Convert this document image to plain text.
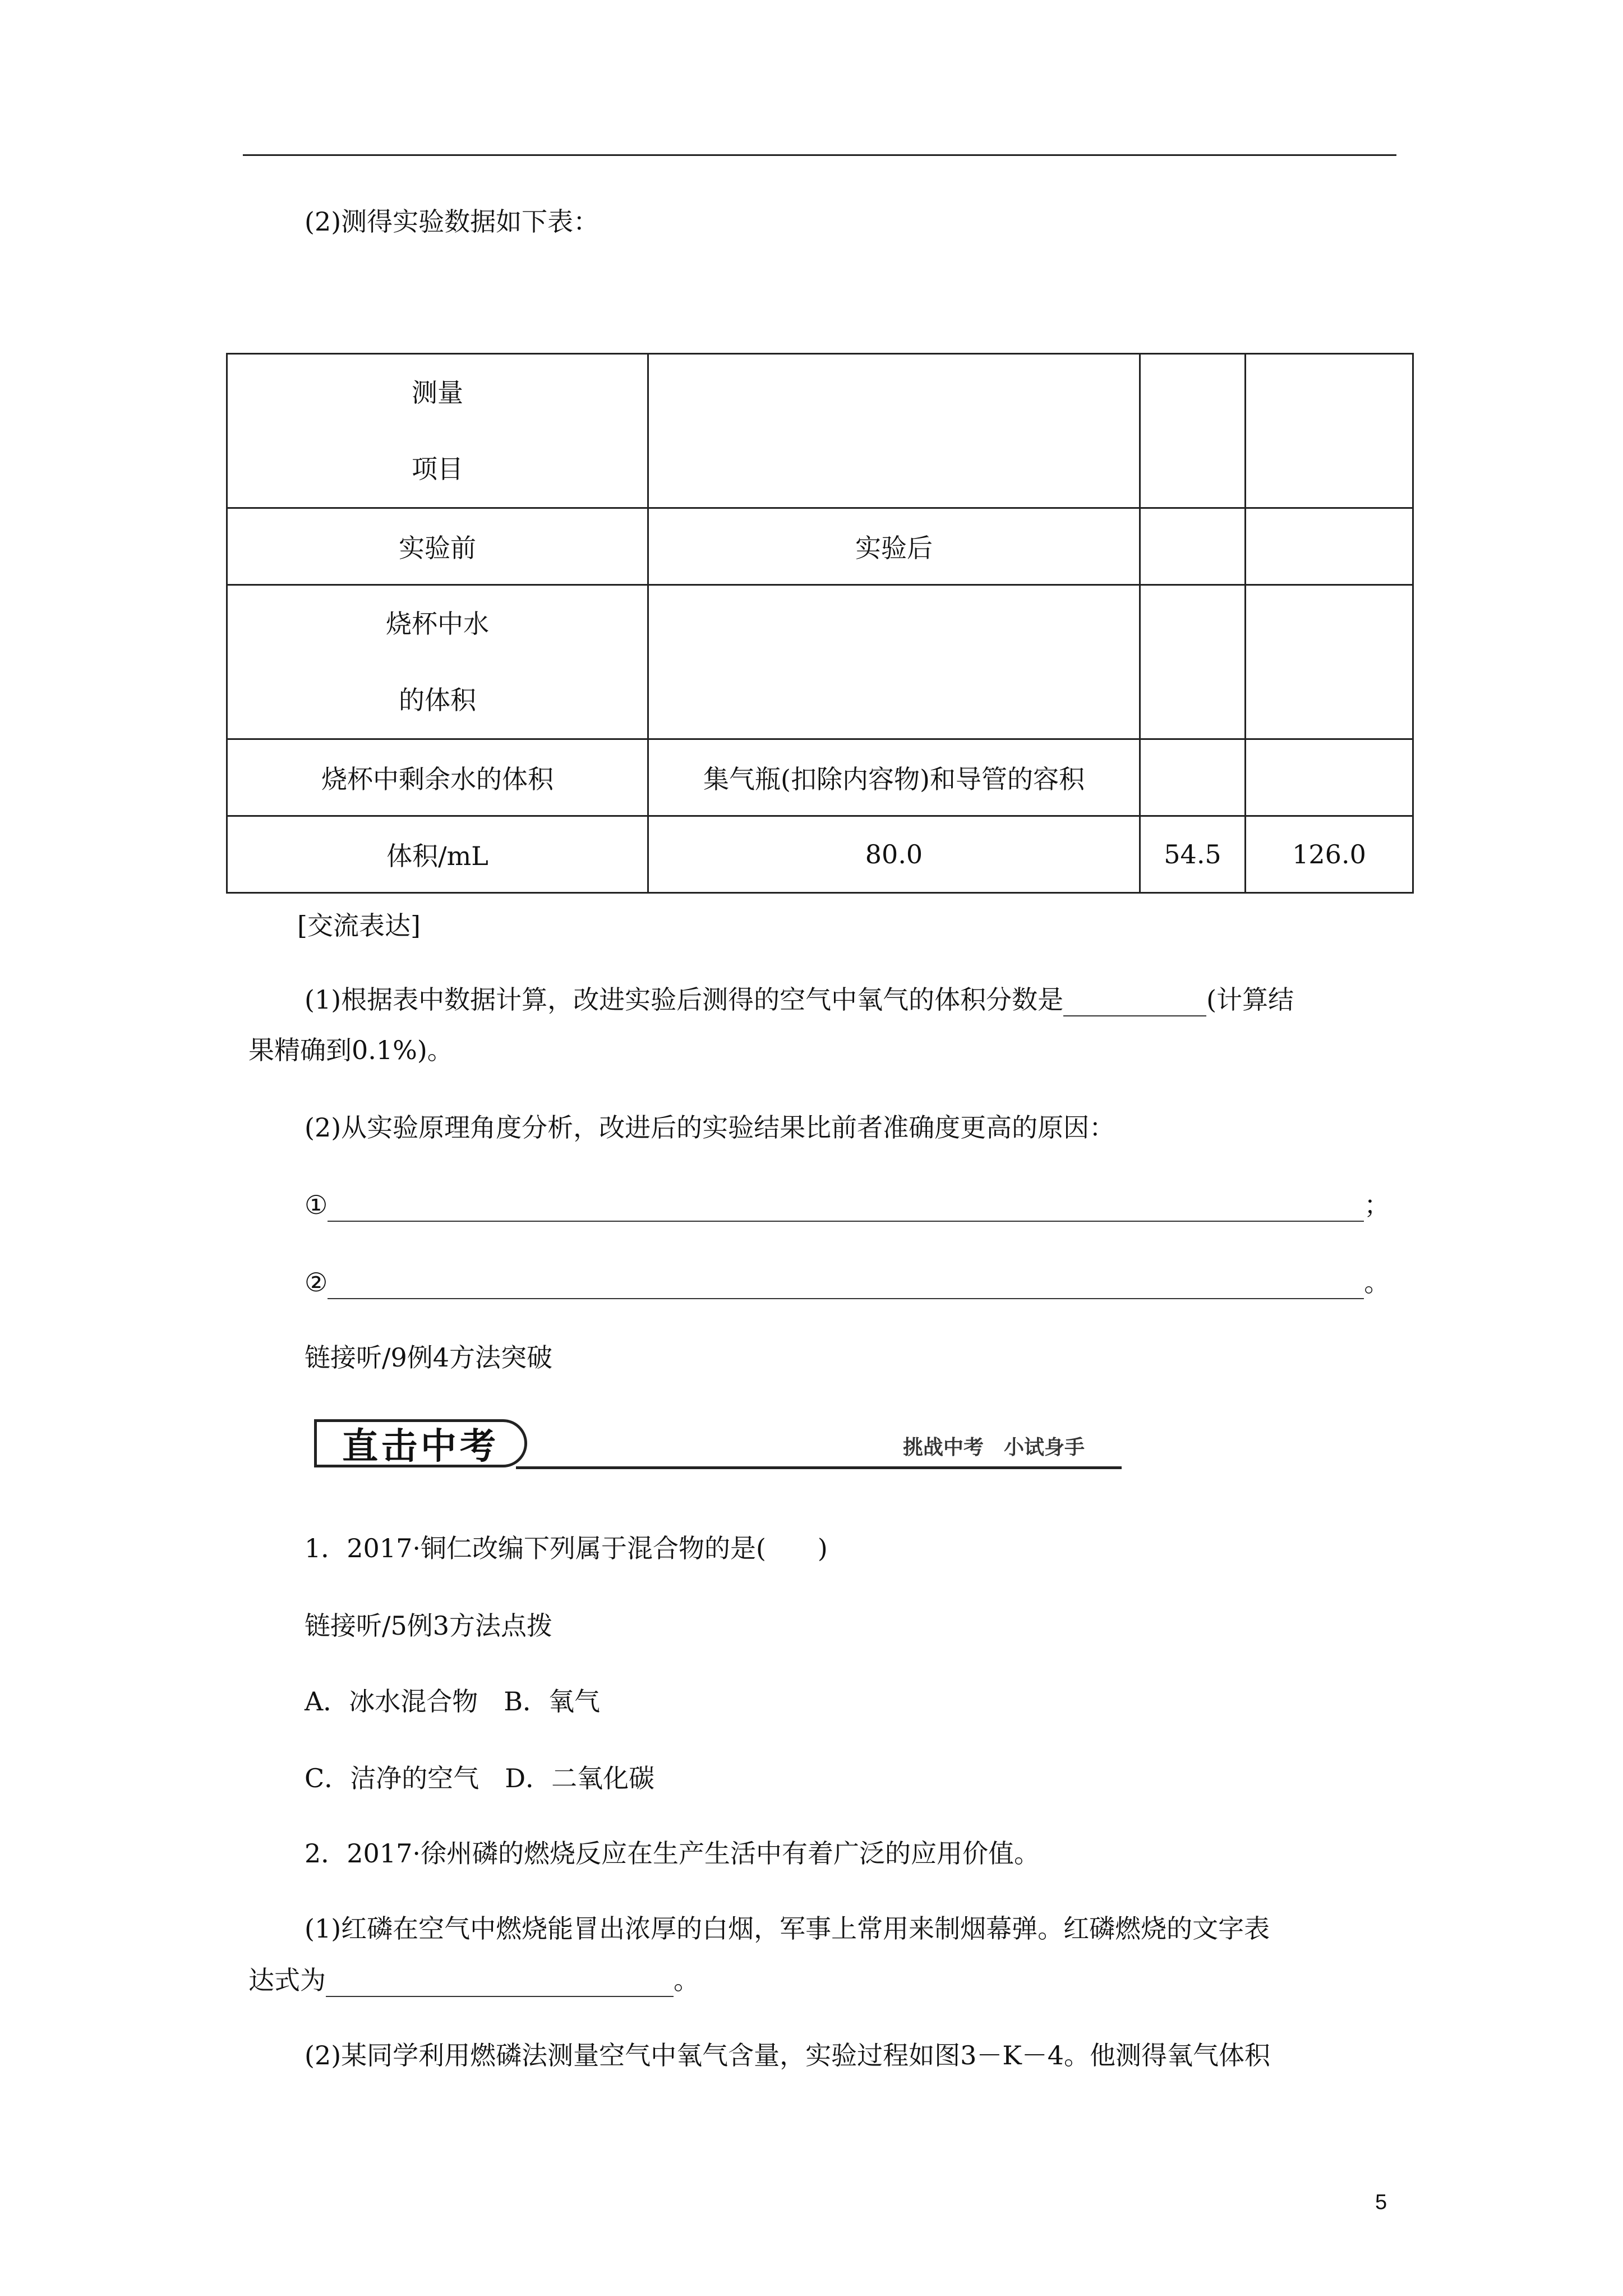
(2)测得实验数据如下表：
测量
项目			

实验前	实验后		

烧杯中水
的体积			

烧杯中剩余水的体积	集气瓶(扣除内容物)和导管的容积		
体积/mL	80.0	54.5	126.0
[交流表达]
(1)根据表中数据计算，改进实验后测得的空气中氧气的体积分数是	(计算结
果精确到0.1%)。
(2)从实验原理角度分析，改进后的实验结果比前者准确度更高的原因：
①	；
②	。
链接听/9例4方法突破
直击中考	挑战中考　小试身手
1．2017·铜仁改编下列属于混合物的是(　　)
链接听/5例3方法点拨
A．冰水混合物　B．氧气
C．洁净的空气　D．二氧化碳
2．2017·徐州磷的燃烧反应在生产生活中有着广泛的应用价值。
(1)红磷在空气中燃烧能冒出浓厚的白烟，军事上常用来制烟幕弹。红磷燃烧的文字表
达式为	。
(2)某同学利用燃磷法测量空气中氧气含量，实验过程如图3－K－4。他测得氧气体积
5
